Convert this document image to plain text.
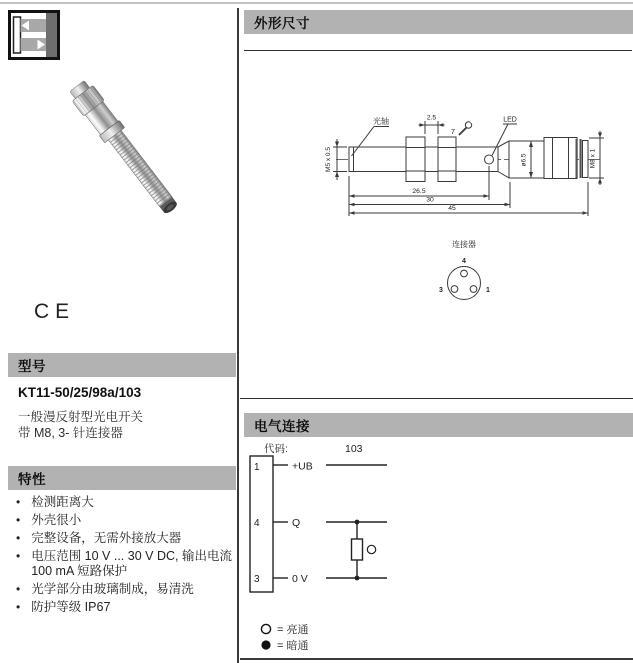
CE
型号
KT11-50/25/98a/103
一般漫反射型光电开关
带 M8, 3- 针连接器
特性
• 检测距离大
• 外壳很小
• 完整设备，无需外接放大器
• 电压范围 10 V ... 30 V DC, 输出电流 100 mA 短路保护
• 光学部分由玻璃制成，易清洗
• 防护等级 IP67
外形尺寸
光轴	2.5
7
LED
M5 x 0.5	ø6.5	M8 x 1
26.5
30
45
连接器
4
3	1
电气连接
代码:	103
1
4
3
+UB
Q
0 V
= 亮通
= 暗通
